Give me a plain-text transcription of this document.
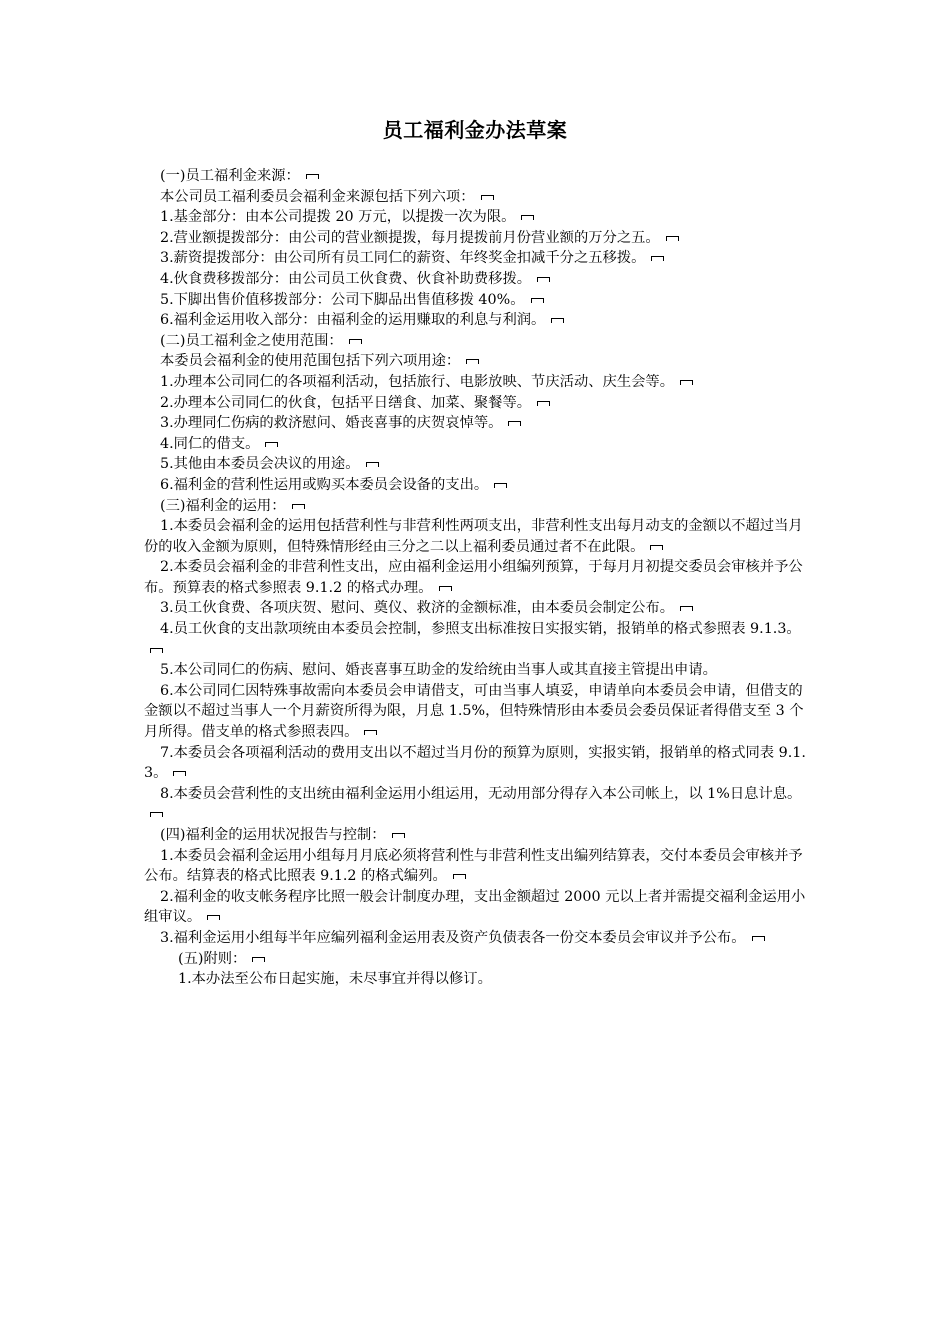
员工福利金办法草案
(一)员工福利金来源：
本公司员工福利委员会福利金来源包括下列六项：
1.基金部分：由本公司提拨 20 万元，以提拨一次为限。
2.营业额提拨部分：由公司的营业额提拨，每月提拨前月份营业额的万分之五。
3.薪资提拨部分：由公司所有员工同仁的薪资、年终奖金扣减千分之五移拨。
4.伙食费移拨部分：由公司员工伙食费、伙食补助费移拨。
5.下脚出售价值移拨部分：公司下脚品出售值移拨 40%。
6.福利金运用收入部分：由福利金的运用赚取的利息与利润。
(二)员工福利金之使用范围：
本委员会福利金的使用范围包括下列六项用途：
1.办理本公司同仁的各项福利活动，包括旅行、电影放映、节庆活动、庆生会等。
2.办理本公司同仁的伙食，包括平日缮食、加菜、聚餐等。
3.办理同仁伤病的救济慰问、婚丧喜事的庆贺哀悼等。
4.同仁的借支。
5.其他由本委员会决议的用途。
6.福利金的营利性运用或购买本委员会设备的支出。
(三)福利金的运用：
1.本委员会福利金的运用包括营利性与非营利性两项支出，非营利性支出每月动支的金额以不超过当月份的收入金额为原则，但特殊情形经由三分之二以上福利委员通过者不在此限。
2.本委员会福利金的非营利性支出，应由福利金运用小组编列预算，于每月月初提交委员会审核并予公布。预算表的格式参照表 9.1.2 的格式办理。
3.员工伙食费、各项庆贺、慰问、奠仪、救济的金额标准，由本委员会制定公布。
4.员工伙食的支出款项统由本委员会控制，参照支出标准按日实报实销，报销单的格式参照表 9.1.3。
5.本公司同仁的伤病、慰问、婚丧喜事互助金的发给统由当事人或其直接主管提出申请。
6.本公司同仁因特殊事故需向本委员会申请借支，可由当事人填妥，申请单向本委员会申请，但借支的金额以不超过当事人一个月薪资所得为限，月息 1.5%，但特殊情形由本委员会委员保证者得借支至 3 个月所得。借支单的格式参照表四。
7.本委员会各项福利活动的费用支出以不超过当月份的预算为原则，实报实销，报销单的格式同表 9.1.3。
8.本委员会营利性的支出统由福利金运用小组运用，无动用部分得存入本公司帐上，以 1%日息计息。
(四)福利金的运用状况报告与控制：
1.本委员会福利金运用小组每月月底必须将营利性与非营利性支出编列结算表，交付本委员会审核并予公布。结算表的格式比照表 9.1.2 的格式编列。
2.福利金的收支帐务程序比照一般会计制度办理，支出金额超过 2000 元以上者并需提交福利金运用小组审议。
3.福利金运用小组每半年应编列福利金运用表及资产负债表各一份交本委员会审议并予公布。
(五)附则：
1.本办法至公布日起实施，未尽事宜并得以修订。
